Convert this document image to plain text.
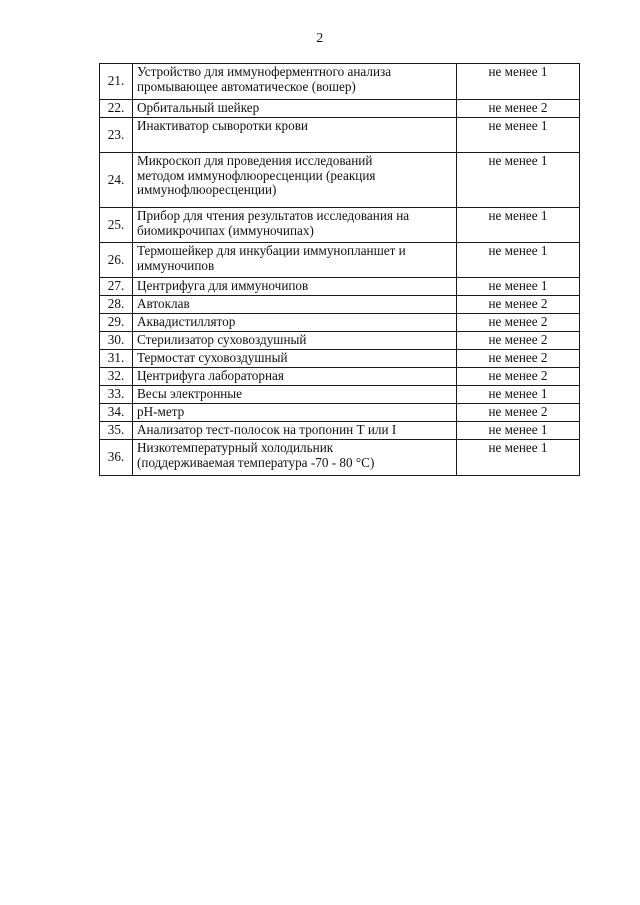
2
21.	Устройство для иммуноферментного анализа
промывающее автоматическое (вошер)	не менее 1
22.	Орбитальный шейкер	не менее 2
23.	Инактиватор сыворотки крови	не менее 1
24.	Микроскоп для проведения исследований
методом иммунофлюоресценции (реакция
иммунофлюоресценции)	не менее 1
25.	Прибор для чтения результатов исследования на
биомикрочипах (иммуночипах)	не менее 1
26.	Термошейкер для инкубации иммунопланшет и
иммуночипов	не менее 1
27.	Центрифуга для иммуночипов	не менее 1
28.	Автоклав	не менее 2
29.	Аквадистиллятор	не менее 2
30.	Стерилизатор суховоздушный	не менее 2
31.	Термостат суховоздушный	не менее 2
32.	Центрифуга лабораторная	не менее 2
33.	Весы электронные	не менее 1
34.	pH-метр	не менее 2
35.	Анализатор тест-полосок на тропонин Т или I	не менее 1
36.	Низкотемпературный холодильник
(поддерживаемая температура -70 - 80 °С)	не менее 1
